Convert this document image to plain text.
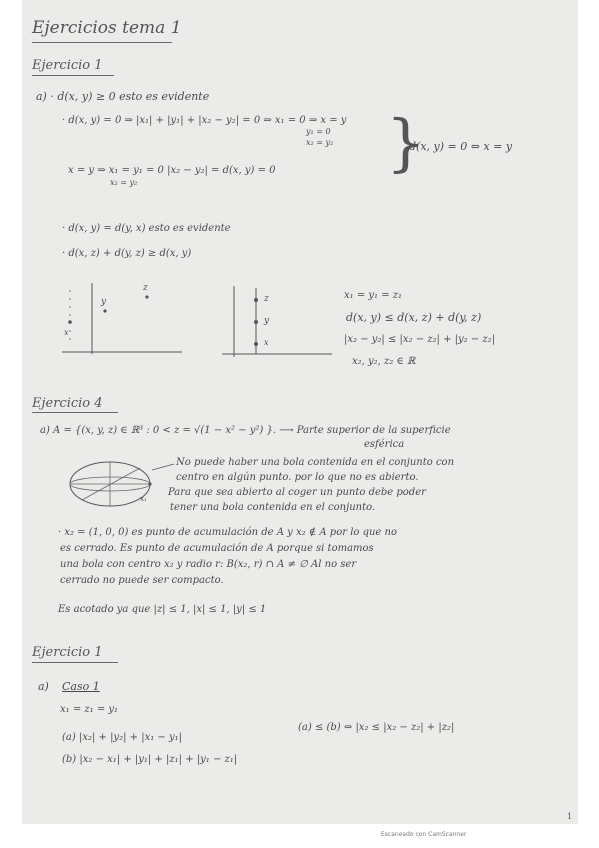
Ejercicios tema 1
Ejercicio 1
a) · d(x, y) ≥ 0 esto es evidente
· d(x, y) = 0 ⇒ |x₁| + |y₁| + |x₂ − y₂| = 0 ⇒ x₁ = 0 ⇒ x = y
y₁ = 0
x₂ = y₂ }
d(x, y) = 0 ⇔ x = y
x = y ⇒ x₁ = y₁ = 0 |x₂ − y₂| = d(x, y) = 0
x₂ = y₂
· d(x, y) = d(y, x) esto es evidente
· d(x, z) + d(y, z) ≥ d(x, y)
y
z
x
z
y
x
x₁ = y₁ = z₁
d(x, y) ≤ d(x, z) + d(y, z)
|x₂ − y₂| ≤ |x₂ − z₂| + |y₂ − z₂|
x₂, y₂, z₂ ∈ ℝ
Ejercicio 4
a) A = {(x, y, z) ∈ ℝ³ : 0 < z = √(1 − x² − y²) }. ⟶ Parte superior de la superficie
esférica
x₁
No puede haber una bola contenida en el conjunto con
centro en algún punto. por lo que no es abierto.
Para que sea abierto al coger un punto debe poder
tener una bola contenida en el conjunto.
· x₂ = (1, 0, 0) es punto de acumulación de A y x₂ ∉ A por lo que no
es cerrado. Es punto de acumulación de A porque si tomamos
una bola con centro x₂ y radio r: B(x₂, r) ∩ A ≠ ∅ Al no ser
cerrado no puede ser compacto.
Es acotado ya que |z| ≤ 1, |x| ≤ 1, |y| ≤ 1
Ejercicio 1
a) Caso 1
x₁ = z₁ = y₁
(a) |x₂| + |y₂| + |x₁ − y₁|
(a) ≤ (b) ⇔ |x₂ ≤ |x₂ − z₂| + |z₂|
(b) |x₂ − x₁| + |y₁| + |z₁| + |y₁ − z₁|
1
Escaneado con CamScanner
